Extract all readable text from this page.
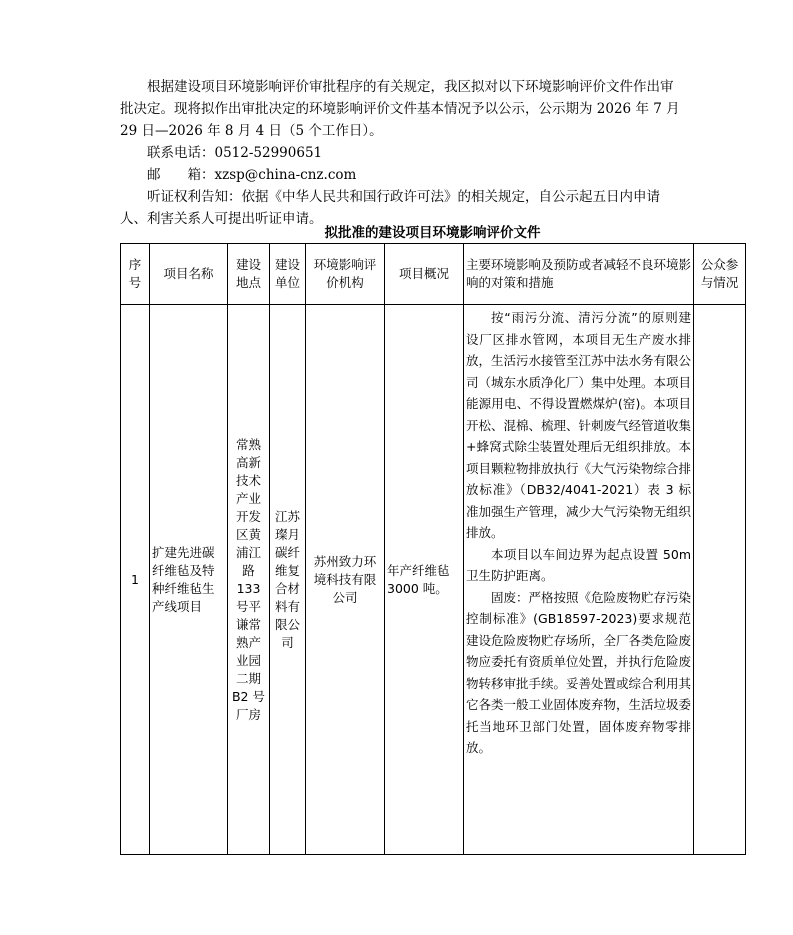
根据建设项目环境影响评价审批程序的有关规定，我区拟对以下环境影响评价文件作出审批决定。现将拟作出审批决定的环境影响评价文件基本情况予以公示，公示期为 2026 年 7 月 29 日—2026 年 8 月 4 日（5 个工作日）。

联系电话：0512-52990651

邮　　箱：xzsp@china-cnz.com

听证权利告知：依据《中华人民共和国行政许可法》的相关规定，自公示起五日内申请人、利害关系人可提出听证申请。

拟批准的建设项目环境影响评价文件
序号	项目名称	建设地点	建设单位	环境影响评价机构	项目概况	主要环境影响及预防或者减轻不良环境影响的对策和措施	公众参与情况
1	扩建先进碳纤维毡及特种纤维毡生产线项目	常熟高新技术产业开发区黄浦江路 133 号平谦常熟产业园二期 B2 号厂房	江苏璨月碳纤维复合材料有限公司	苏州致力环境科技有限公司	年产纤维毡 3000 吨。	按“雨污分流、清污分流”的原则建设厂区排水管网，本项目无生产废水排放，生活污水接管至江苏中法水务有限公司（城东水质净化厂）集中处理。本项目能源用电、不得设置燃煤炉(窑)。本项目开松、混棉、梳理、针刺废气经管道收集+蜂窝式除尘装置处理后无组织排放。本项目颗粒物排放执行《大气污染物综合排放标准》（DB32/4041-2021）表 3 标准加强生产管理，减少大气污染物无组织排放。

本项目以车间边界为起点设置 50m 卫生防护距离。

固废：严格按照《危险废物贮存污染控制标准》(GB18597-2023)要求规范建设危险废物贮存场所，全厂各类危险废物应委托有资质单位处置，并执行危险废物转移审批手续。妥善处置或综合利用其它各类一般工业固体废弃物，生活垃圾委托当地环卫部门处置，固体废弃物零排放。	
